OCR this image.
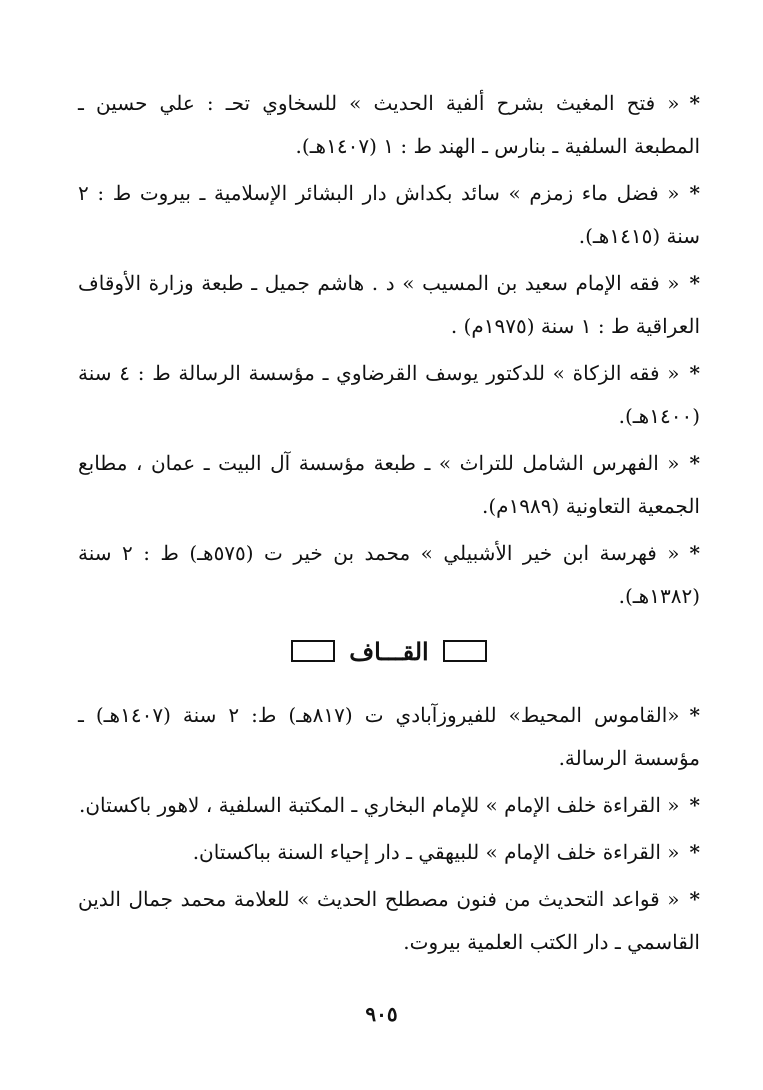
*« فتح المغيث بشرح ألفية الحديث » للسخاوي تحـ : علي حسين ـ المطبعة السلفية ـ بنارس ـ الهند ط : ١ (١٤٠٧هـ).

*« فضل ماء زمزم » سائد بكداش دار البشائر الإسلامية ـ بيروت ط : ٢ سنة (١٤١٥هـ).

*« فقه الإمام سعيد بن المسيب » د . هاشم جميل ـ طبعة وزارة الأوقاف العراقية ط : ١ سنة (١٩٧٥م) .

*« فقه الزكاة » للدكتور يوسف القرضاوي ـ مؤسسة الرسالة ط : ٤ سنة (١٤٠٠هـ).

*« الفهرس الشامل للتراث » ـ طبعة مؤسسة آل البيت ـ عمان ، مطابع الجمعية التعاونية (١٩٨٩م).

*« فهرسة ابن خير الأشبيلي » محمد بن خير ت (٥٧٥هـ) ط : ٢ سنة (١٣٨٢هـ).

القـــاف

*«القاموس المحيط» للفيروزآبادي ت (٨١٧هـ) ط: ٢ سنة (١٤٠٧هـ) ـ مؤسسة الرسالة.

*« القراءة خلف الإمام » للإمام البخاري ـ المكتبة السلفية ، لاهور باكستان.

*« القراءة خلف الإمام » للبيهقي ـ دار إحياء السنة بباكستان.

*« قواعد التحديث من فنون مصطلح الحديث » للعلامة محمد جمال الدين القاسمي ـ دار الكتب العلمية بيروت.

٩٠٥
